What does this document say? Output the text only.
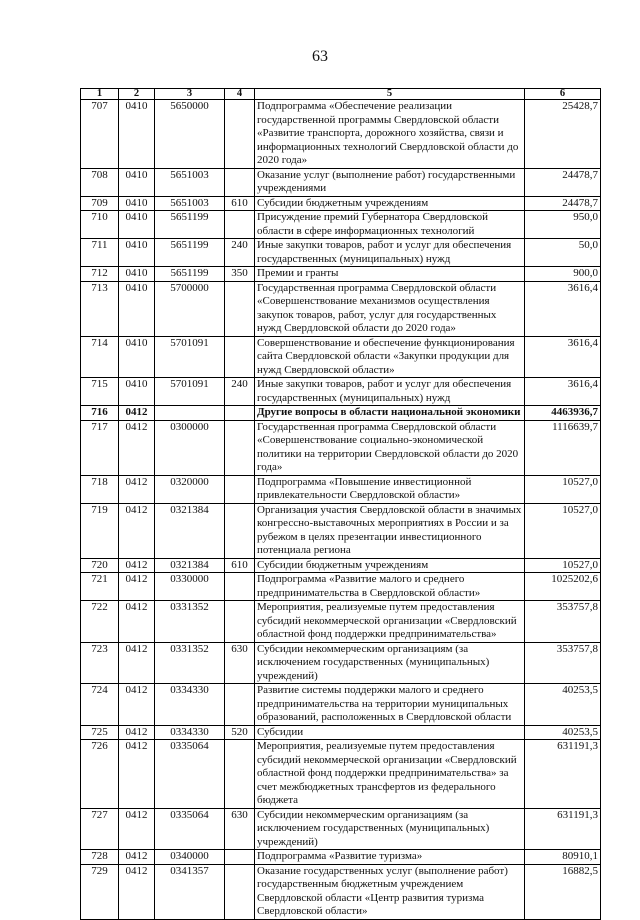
63
1	2	3	4	5	6
707	0410	5650000		Подпрограмма «Обеспечение реализации государственной программы Свердловской области «Развитие транспорта, дорожного хозяйства, связи и информационных технологий Свердловской области до 2020 года»	25428,7
708	0410	5651003		Оказание услуг (выполнение работ) государственными учреждениями	24478,7
709	0410	5651003	610	Субсидии бюджетным учреждениям	24478,7
710	0410	5651199		Присуждение премий Губернатора Свердловской области в сфере информационных технологий	950,0
711	0410	5651199	240	Иные закупки товаров, работ и услуг для обеспечения государственных (муниципальных) нужд	50,0
712	0410	5651199	350	Премии и гранты	900,0
713	0410	5700000		Государственная программа Свердловской области «Совершенствование механизмов осуществления закупок товаров, работ, услуг для государственных нужд Свердловской области до 2020 года»	3616,4
714	0410	5701091		Совершенствование и обеспечение функционирования сайта Свердловской области «Закупки продукции для нужд Свердловской области»	3616,4
715	0410	5701091	240	Иные закупки товаров, работ и услуг для обеспечения государственных (муниципальных) нужд	3616,4
716	0412			Другие вопросы в области национальной экономики	4463936,7
717	0412	0300000		Государственная программа Свердловской области «Совершенствование социально-экономической политики на территории Свердловской области до 2020 года»	1116639,7
718	0412	0320000		Подпрограмма «Повышение инвестиционной привлекательности Свердловской области»	10527,0
719	0412	0321384		Организация участия Свердловской области в значимых конгрессно-выставочных мероприятиях в России и за рубежом в целях презентации инвестиционного потенциала региона	10527,0
720	0412	0321384	610	Субсидии бюджетным учреждениям	10527,0
721	0412	0330000		Подпрограмма «Развитие малого и среднего предпринимательства в Свердловской области»	1025202,6
722	0412	0331352		Мероприятия, реализуемые путем предоставления субсидий некоммерческой организации «Свердловский областной фонд поддержки предпринимательства»	353757,8
723	0412	0331352	630	Субсидии некоммерческим организациям (за исключением государственных (муниципальных) учреждений)	353757,8
724	0412	0334330		Развитие системы поддержки малого и среднего предпринимательства на территории муниципальных образований, расположенных в Свердловской области	40253,5
725	0412	0334330	520	Субсидии	40253,5
726	0412	0335064		Мероприятия, реализуемые путем предоставления субсидий некоммерческой организации «Свердловский областной фонд поддержки предпринимательства» за счет межбюджетных трансфертов из федерального бюджета	631191,3
727	0412	0335064	630	Субсидии некоммерческим организациям (за исключением государственных (муниципальных) учреждений)	631191,3
728	0412	0340000		Подпрограмма «Развитие туризма»	80910,1
729	0412	0341357		Оказание государственных услуг (выполнение работ) государственным бюджетным учреждением Свердловской области «Центр развития туризма Свердловской области»	16882,5
